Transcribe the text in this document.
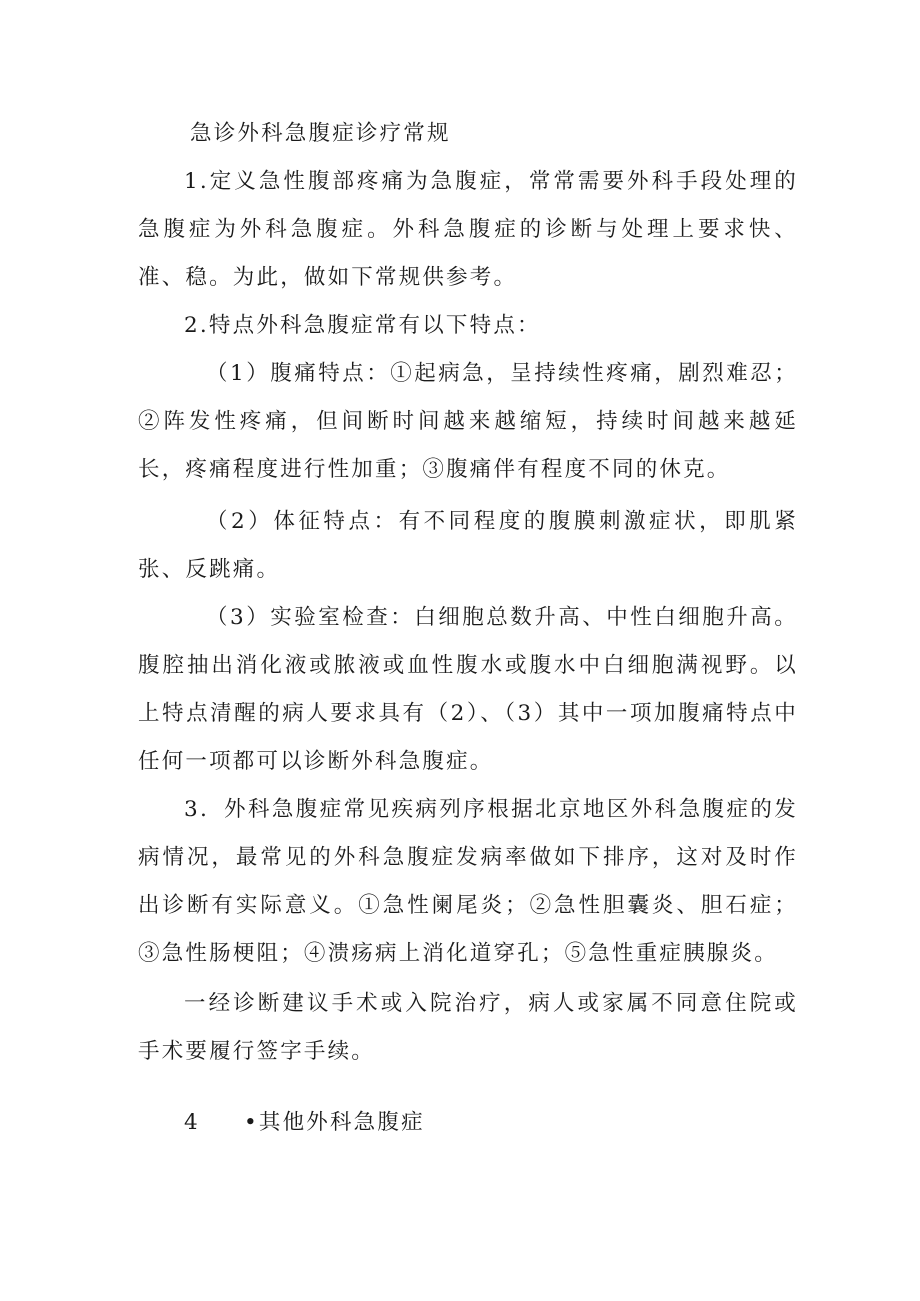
急诊外科急腹症诊疗常规

1.定义急性腹部疼痛为急腹症，常常需要外科手段处理的急腹症为外科急腹症。外科急腹症的诊断与处理上要求快、准、稳。为此，做如下常规供参考。

2.特点外科急腹症常有以下特点：

（1）腹痛特点：①起病急，呈持续性疼痛，剧烈难忍；②阵发性疼痛，但间断时间越来越缩短，持续时间越来越延长，疼痛程度进行性加重；③腹痛伴有程度不同的休克。

（2）体征特点：有不同程度的腹膜刺激症状，即肌紧张、反跳痛。

（3）实验室检查：白细胞总数升高、中性白细胞升高。腹腔抽出消化液或脓液或血性腹水或腹水中白细胞满视野。以上特点清醒的病人要求具有（2）、（3）其中一项加腹痛特点中任何一项都可以诊断外科急腹症。

3．外科急腹症常见疾病列序根据北京地区外科急腹症的发病情况，最常见的外科急腹症发病率做如下排序，这对及时作出诊断有实际意义。①急性阑尾炎；②急性胆囊炎、胆石症；③急性肠梗阻；④溃疡病上消化道穿孔；⑤急性重症胰腺炎。

一经诊断建议手术或入院治疗，病人或家属不同意住院或手术要履行签字手续。

4 •其他外科急腹症
